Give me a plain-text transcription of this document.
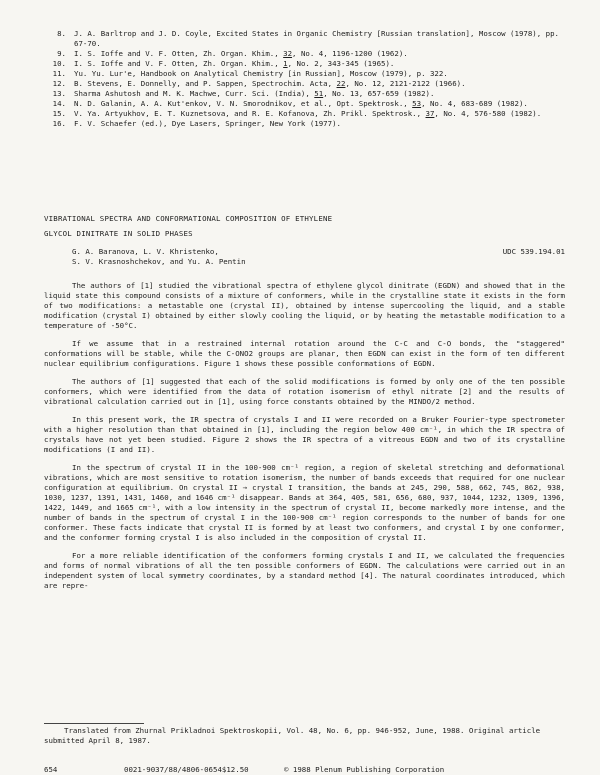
8.	J. A. Barltrop and J. D. Coyle, Excited States in Organic Chemistry [Russian translation], Moscow (1978), pp. 67-70.
9.	I. S. Ioffe and V. F. Otten, Zh. Organ. Khim., 32, No. 4, 1196-1200 (1962).
10.	I. S. Ioffe and V. F. Otten, Zh. Organ. Khim., 1, No. 2, 343-345 (1965).
11.	Yu. Yu. Lur'e, Handbook on Analytical Chemistry [in Russian], Moscow (1979), p. 322.
12.	B. Stevens, E. Donnelly, and P. Sappen, Spectrochim. Acta, 22, No. 12, 2121-2122 (1966).
13.	Sharma Ashutosh and M. K. Machwe, Curr. Sci. (India), 51, No. 13, 657-659 (1982).
14.	N. D. Galanin, A. A. Kut'enkov, V. N. Smorodnikov, et al., Opt. Spektrosk., 53, No. 4, 683-689 (1982).
15.	V. Ya. Artyukhov, E. T. Kuznetsova, and R. E. Kofanova, Zh. Prikl. Spektrosk., 37, No. 4, 576-580 (1982).
16.	F. V. Schaefer (ed.), Dye Lasers, Springer, New York (1977).
VIBRATIONAL SPECTRA AND CONFORMATIONAL COMPOSITION OF ETHYLENE
GLYCOL DINITRATE IN SOLID PHASES
G. A. Baranova, L. V. Khristenko,
S. V. Krasnoshchekov, and Yu. A. Pentin
UDC 539.194.01

The authors of [1] studied the vibrational spectra of ethylene glycol dinitrate (EGDN) and showed that in the liquid state this compound consists of a mixture of conformers, while in the crystalline state it exists in the form of two modifications: a metastable one (crystal II), obtained by intense supercooling the liquid, and a stable modification (crystal I) obtained by either slowly cooling the liquid, or by heating the metastable modification to a temperature of -50°C.

If we assume that in a restrained internal rotation around the C-C and C-O bonds, the "staggered" conformations will be stable, while the C-ONO2 groups are planar, then EGDN can exist in the form of ten different nuclear equilibrium configurations. Figure 1 shows these possible conformations of EGDN.

The authors of [1] suggested that each of the solid modifications is formed by only one of the ten possible conformers, which were identified from the data of rotation isomerism of ethyl nitrate [2] and the results of vibrational calculation carried out in [1], using force constants obtained by the MINDO/2 method.

In this present work, the IR spectra of crystals I and II were recorded on a Bruker Fourier-type spectrometer with a higher resolution than that obtained in [1], including the region below 400 cm⁻¹, in which the IR spectra of crystals have not yet been studied. Figure 2 shows the IR spectra of a vitreous EGDN and two of its crystalline modifications (I and II).

In the spectrum of crystal II in the 100-900 cm⁻¹ region, a region of skeletal stretching and deformational vibrations, which are most sensitive to rotation isomerism, the number of bands exceeds that required for one nuclear configuration at equilibrium. On crystal II → crystal I transition, the bands at 245, 290, 588, 662, 745, 862, 938, 1030, 1237, 1391, 1431, 1460, and 1646 cm⁻¹ disappear. Bands at 364, 405, 581, 656, 680, 937, 1044, 1232, 1309, 1396, 1422, 1449, and 1665 cm⁻¹, with a low intensity in the spectrum of crystal II, become markedly more intense, and the number of bands in the spectrum of crystal I in the 100-900 cm⁻¹ region corresponds to the number of bands for one conformer. These facts indicate that crystal II is formed by at least two conformers, and crystal I by one conformer, and the conformer forming crystal I is also included in the composition of crystal II.

For a more reliable identification of the conformers forming crystals I and II, we calculated the frequencies and forms of normal vibrations of all the ten possible conformers of EGDN. The calculations were carried out in an independent system of local symmetry coordinates, by a standard method [4]. The natural coordinates introduced, which are repre-

Translated from Zhurnal Prikladnoi Spektroskopii, Vol. 48, No. 6, pp. 946-952, June, 1988. Original article submitted April 8, 1987.

654	0021-9037/88/4806-0654$12.50	© 1988 Plenum Publishing Corporation
